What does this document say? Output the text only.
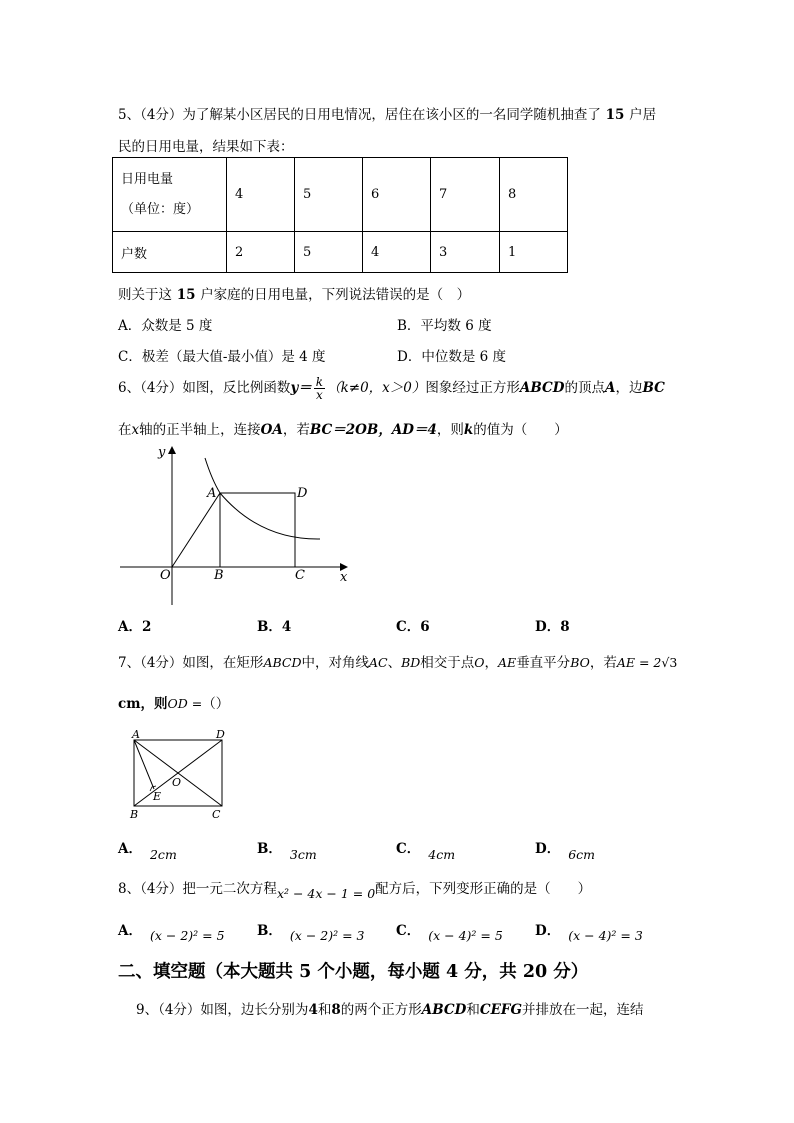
5、（4分）为了解某小区居民的日用电情况，居住在该小区的一名同学随机抽查了 15 户居
民的日用电量，结果如下表：
日用电量
（单位：度）	4	5	6	7	8
户数	2	5	4	3	1
则关于这 15 户家庭的日用电量，下列说法错误的是（　）
A．众数是 5 度	B．平均数 6 度
C．极差（最大值-最小值）是 4 度	D．中位数是 6 度
6、（4分）如图，反比例函数$y= \frac{k}{x} (k\ne 0$，x＞0）图象经过正方形ABCD的顶点A，边BC
在x轴的正半轴上，连接OA，若BC＝2OB，AD＝4，则k的值为（　　）
y
x
O
A
B	C
D
A．2	B．4	C．6	D．8
7、（4分）如图，在矩形ABCD中，对角线AC、BD相交于点O，AE垂直平分BO，若AE = 2√3
cm，则OD =（）
A	D
B	C
O
E
A． 2cm	B． 3cm	C． 4cm	D． 6cm
8、（4分）把一元二次方程x² − 4x − 1 = 0配方后，下列变形正确的是（　　）
A． (x − 2)² = 5 B． (x − 2)² = 3 C． (x − 4)² = 5 D． (x − 4)² = 3
二、填空题（本大题共 5 个小题，每小题 4 分，共 20 分）
9、（4分）如图，边长分别为4和8的两个正方形ABCD和CEFG并排放在一起，连结
